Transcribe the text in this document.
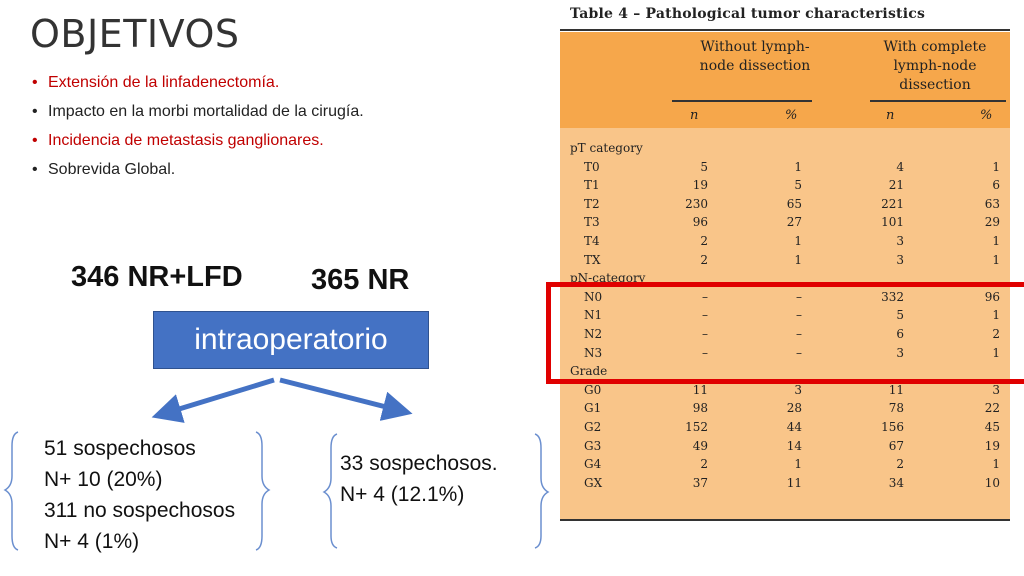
OBJETIVOS
• Extensión de la linfadenectomía.
• Impacto en la morbi mortalidad de la cirugía.
• Incidencia de metastasis ganglionares.
• Sobrevida Global.
346 NR+LFD 365 NR
intraoperatorio
51 sospechosos
N+ 10 (20%)
311 no sospechosos
N+ 4 (1%)
33 sospechosos.
N+ 4 (12.1%)
Table 4 – Pathological tumor characteristics
Without lymph-
node dissection
With complete
lymph-node
dissection
n	%	n	%
pT category
T0	5	1	4	1
T1	19	5	21	6
T2	230	65	221	63
T3	96	27	101	29
T4	2	1	3	1
TX	2	1	3	1
pN-category
N0	–	–	332	96
N1	–	–	5	1
N2	–	–	6	2
N3	–	–	3	1
Grade
G0	11	3	11	3
G1	98	28	78	22
G2	152	44	156	45
G3	49	14	67	19
G4	2	1	2	1
GX	37	11	34	10
